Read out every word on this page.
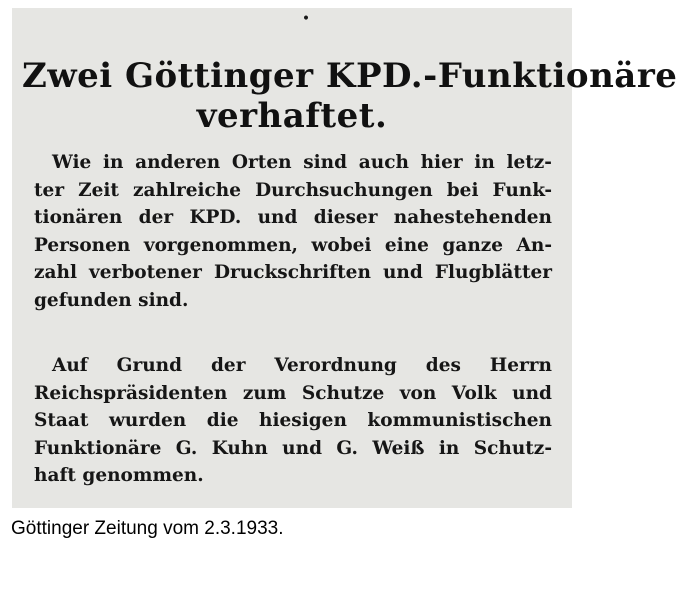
•
Zwei Göttinger KPD.-Funktionäre
verhaftet.

Wie in anderen Orten sind auch hier in letz-
ter Zeit zahlreiche Durchsuchungen bei Funk-
tionären der KPD. und dieser nahestehenden
Personen vorgenommen, wobei eine ganze An-
zahl verbotener Druckschriften und Flugblätter
gefunden sind.

Auf Grund der Verordnung des Herrn
Reichspräsidenten zum Schutze von Volk und
Staat wurden die hiesigen kommunistischen
Funktionäre G. Kuhn und G. Weiß in Schutz-
haft genommen.

Göttinger Zeitung vom 2.3.1933.
